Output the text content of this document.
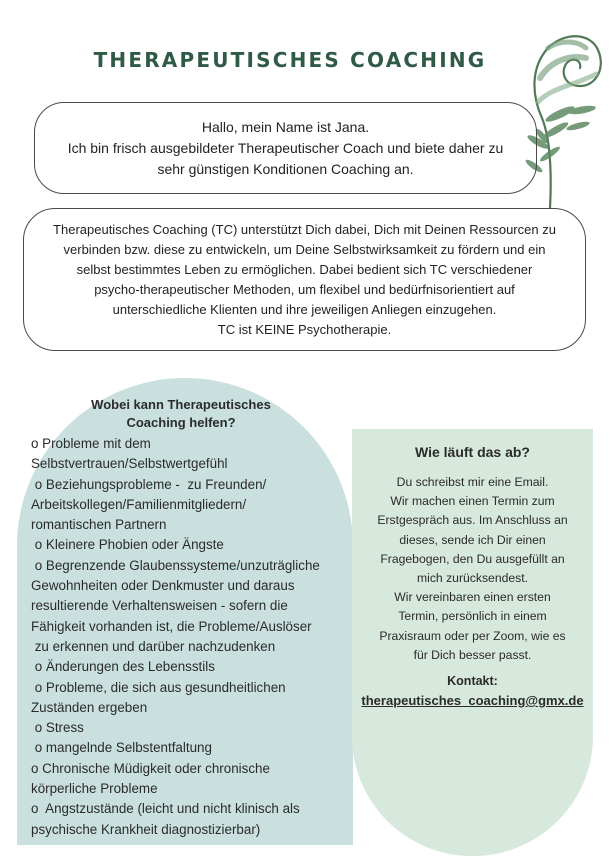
THERAPEUTISCHES COACHING
Hallo, mein Name ist Jana.
Ich bin frisch ausgebildeter Therapeutischer Coach und biete daher zu
sehr günstigen Konditionen Coaching an.
Therapeutisches Coaching (TC) unterstützt Dich dabei, Dich mit Deinen Ressourcen zu
verbinden bzw. diese zu entwickeln, um Deine Selbstwirksamkeit zu fördern und ein
selbst bestimmtes Leben zu ermöglichen. Dabei bedient sich TC verschiedener
psycho-therapeutischer Methoden, um flexibel und bedürfnisorientiert auf
unterschiedliche Klienten und ihre jeweiligen Anliegen einzugehen.
TC ist KEINE Psychotherapie.
Wobei kann Therapeutisches
Coaching helfen?
o Probleme mit dem
Selbstvertrauen/Selbstwertgefühl
o Beziehungsprobleme -  zu Freunden/
Arbeitskollegen/Familienmitgliedern/
romantischen Partnern
o Kleinere Phobien oder Ängste
o Begrenzende Glaubenssysteme/unzuträgliche
Gewohnheiten oder Denkmuster und daraus
resultierende Verhaltensweisen - sofern die
Fähigkeit vorhanden ist, die Probleme/Auslöser
zu erkennen und darüber nachzudenken
o Änderungen des Lebensstils
o Probleme, die sich aus gesundheitlichen
Zuständen ergeben
o Stress
o mangelnde Selbstentfaltung
o Chronische Müdigkeit oder chronische
körperliche Probleme
o  Angstzustände (leicht und nicht klinisch als
psychische Krankheit diagnostizierbar)
Wie läuft das ab?
Du schreibst mir eine Email.
Wir machen einen Termin zum
Erstgespräch aus. Im Anschluss an
dieses, sende ich Dir einen
Fragebogen, den Du ausgefüllt an
mich zurücksendest.
Wir vereinbaren einen ersten
Termin, persönlich in einem
Praxisraum oder per Zoom, wie es
für Dich besser passt.
Kontakt:
therapeutisches_coaching@gmx.de
